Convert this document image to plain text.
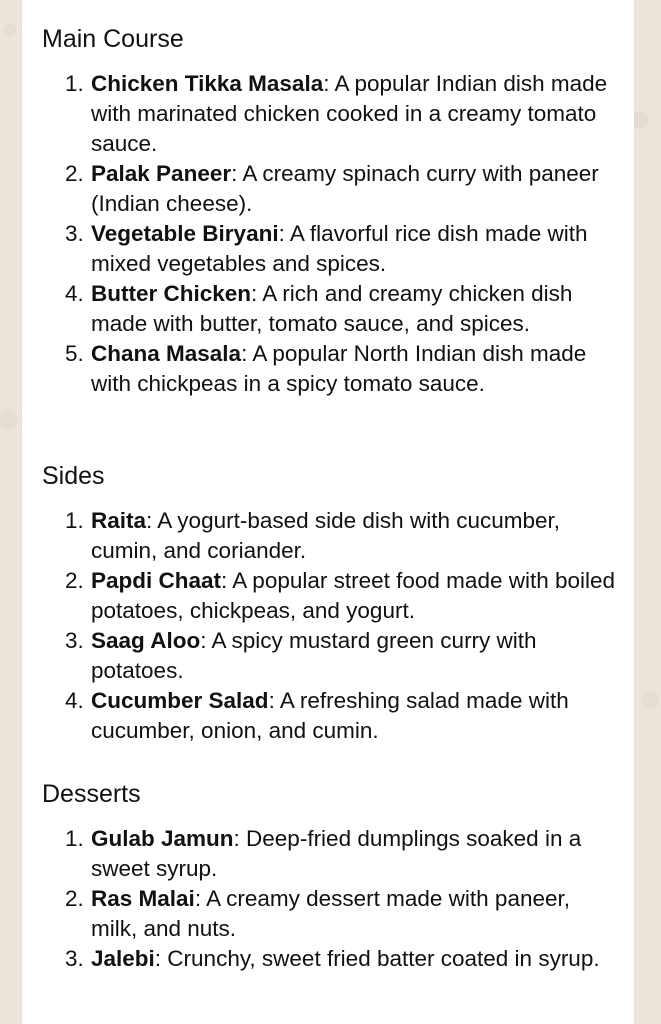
Main Course
1. Chicken Tikka Masala: A popular Indian dish made with marinated chicken cooked in a creamy tomato sauce.
2. Palak Paneer: A creamy spinach curry with paneer (Indian cheese).
3. Vegetable Biryani: A flavorful rice dish made with mixed vegetables and spices.
4. Butter Chicken: A rich and creamy chicken dish made with butter, tomato sauce, and spices.
5. Chana Masala: A popular North Indian dish made with chickpeas in a spicy tomato sauce.
Sides
1. Raita: A yogurt-based side dish with cucumber, cumin, and coriander.
2. Papdi Chaat: A popular street food made with boiled potatoes, chickpeas, and yogurt.
3. Saag Aloo: A spicy mustard green curry with potatoes.
4. Cucumber Salad: A refreshing salad made with cucumber, onion, and cumin.
Desserts
1. Gulab Jamun: Deep-fried dumplings soaked in a sweet syrup.
2. Ras Malai: A creamy dessert made with paneer, milk, and nuts.
3. Jalebi: Crunchy, sweet fried batter coated in syrup.
